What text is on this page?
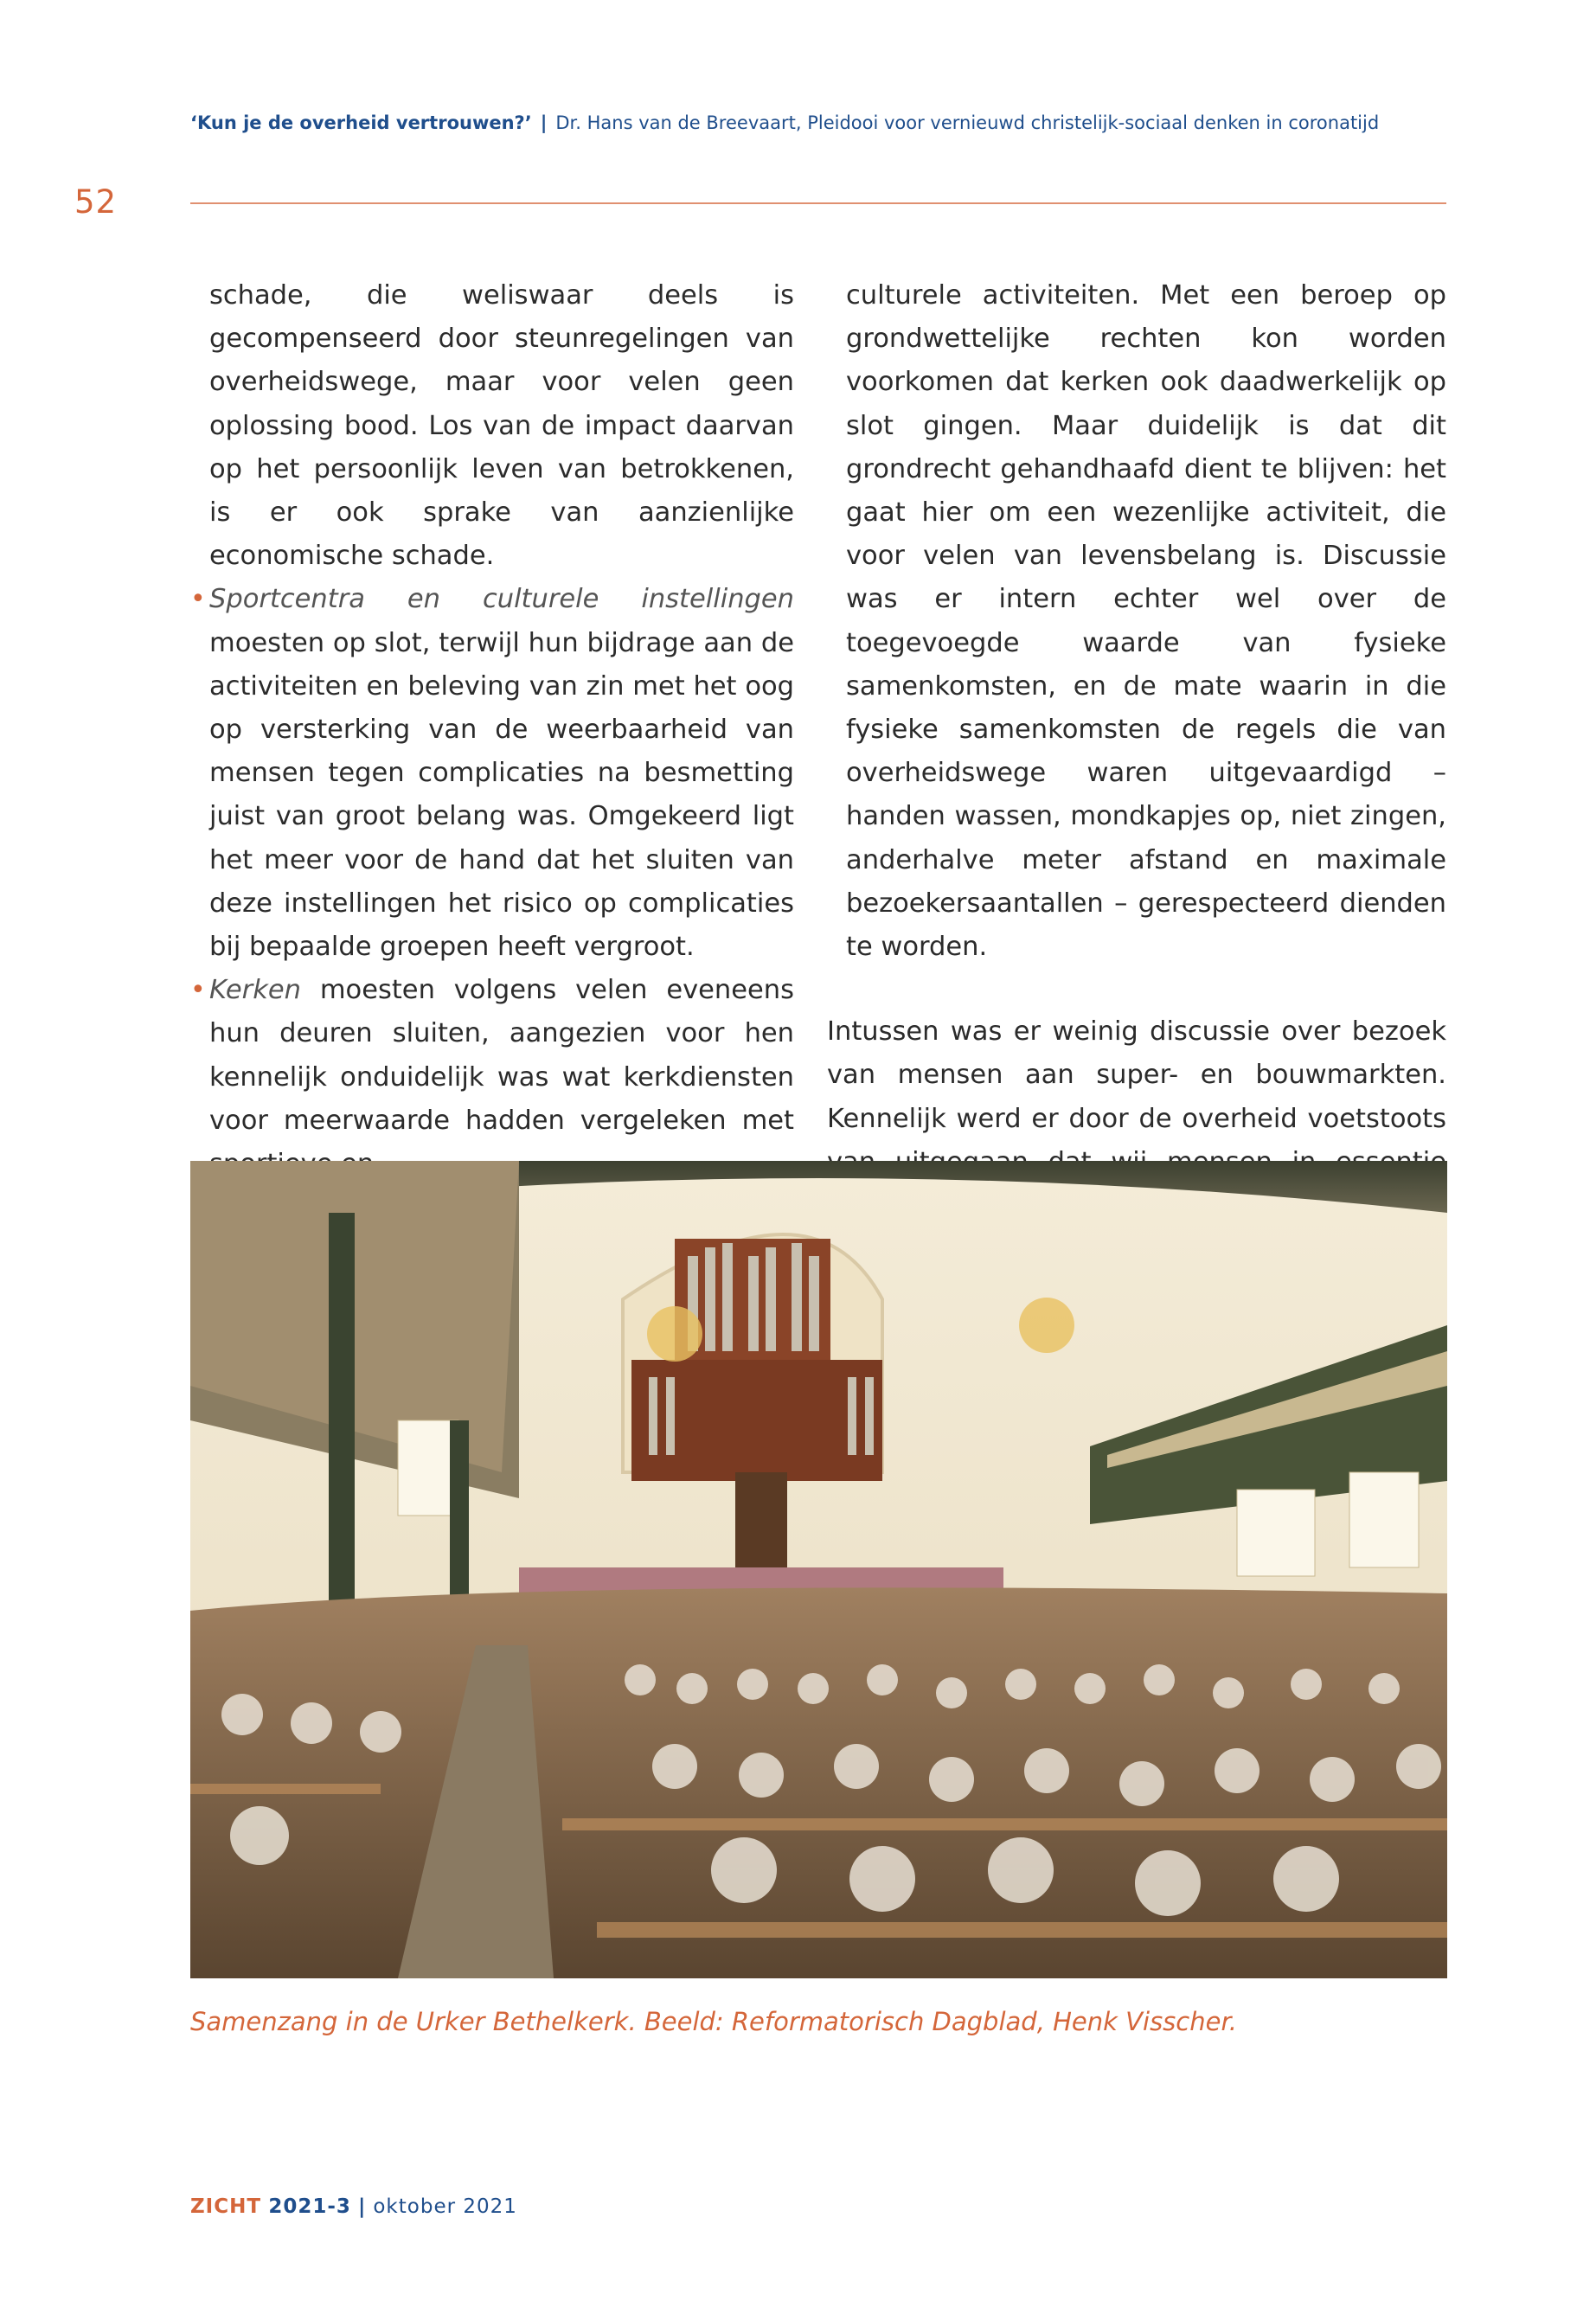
‘Kun je de overheid vertrouwen?’ | Dr. Hans van de Breevaart, Pleidooi voor vernieuwd christelijk-sociaal denken in coronatijd
52

schade, die weliswaar deels is gecompenseerd door steunregelingen van overheidswege, maar voor velen geen oplossing bood. Los van de impact daarvan op het persoonlijk leven van betrokkenen, is er ook sprake van aanzienlijke economische schade.

• Sportcentra en culturele instellingen moesten op slot, terwijl hun bijdrage aan de activiteiten en beleving van zin met het oog op versterking van de weerbaarheid van mensen tegen complicaties na besmetting juist van groot belang was. Omgekeerd ligt het meer voor de hand dat het sluiten van deze instellingen het risico op complicaties bij bepaalde groepen heeft vergroot.

• Kerken moesten volgens velen eveneens hun deuren sluiten, aangezien voor hen kennelijk onduidelijk was wat kerkdiensten voor meerwaarde hadden vergeleken met

culturele activiteiten. Met een beroep op grondwettelijke rechten kon worden voorkomen dat kerken ook daadwerkelijk op slot gingen. Maar duidelijk is dat dit grondrecht gehandhaafd dient te blijven: het gaat hier om een wezenlijke activiteit, die voor velen van levensbelang is. Discussie was er intern echter wel over de toegevoegde waarde van fysieke samenkomsten, en de mate waarin in die fysieke samenkomsten de regels die van overheidswege waren uitgevaardigd – handen wassen, mondkapjes op, niet zingen, anderhalve meter afstand en maximale bezoekersaantallen – gerespecteerd dienden te worden.

Intussen was er weinig discussie over bezoek van mensen aan super- en bouwmarkten. Kennelijk werd er door de overheid voetstoots

Samenzang in de Urker Bethelkerk. Beeld: Reformatorisch Dagblad, Henk Visscher.
ZICHT 2021-3 | oktober 2021
